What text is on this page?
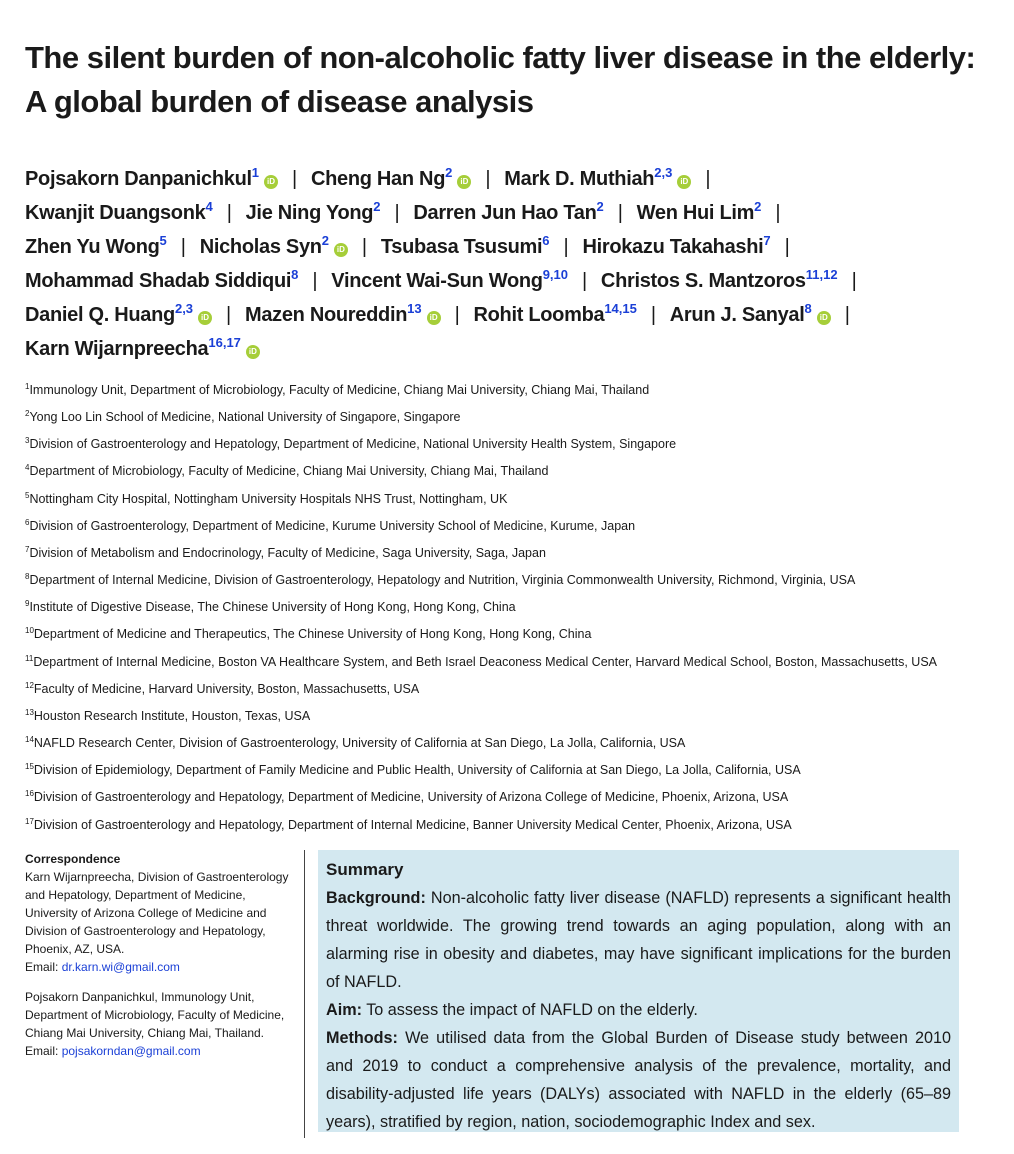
The silent burden of non-alcoholic fatty liver disease in the elderly: A global burden of disease analysis
Pojsakorn Danpanichkul$^1$iD | Cheng Han Ng$^2$iD | Mark D. Muthiah$^{2,3}$iD |
Kwanjit Duangsonk$^4$ | Jie Ning Yong$^2$ | Darren Jun Hao Tan$^2$ | Wen Hui Lim$^2$ |
Zhen Yu Wong$^5$ | Nicholas Syn$^2$iD | Tsubasa Tsusumi$^6$ | Hirokazu Takahashi$^7$ |
Mohammad Shadab Siddiqui$^8$ | Vincent Wai-Sun Wong$^{9,10}$ | Christos S. Mantzoros$^{11,12}$ |
Daniel Q. Huang$^{2,3}$iD | Mazen Noureddin$^{13}$iD | Rohit Loomba$^{14,15}$ | Arun J. Sanyal$^8$iD |
Karn Wijarnpreecha$^{16,17}$iD
$^1$Immunology Unit, Department of Microbiology, Faculty of Medicine, Chiang Mai University, Chiang Mai, Thailand
$^2$Yong Loo Lin School of Medicine, National University of Singapore, Singapore
$^3$Division of Gastroenterology and Hepatology, Department of Medicine, National University Health System, Singapore
$^4$Department of Microbiology, Faculty of Medicine, Chiang Mai University, Chiang Mai, Thailand
$^5$Nottingham City Hospital, Nottingham University Hospitals NHS Trust, Nottingham, UK
$^6$Division of Gastroenterology, Department of Medicine, Kurume University School of Medicine, Kurume, Japan
$^7$Division of Metabolism and Endocrinology, Faculty of Medicine, Saga University, Saga, Japan
$^8$Department of Internal Medicine, Division of Gastroenterology, Hepatology and Nutrition, Virginia Commonwealth University, Richmond, Virginia, USA
$^9$Institute of Digestive Disease, The Chinese University of Hong Kong, Hong Kong, China
$^{10}$Department of Medicine and Therapeutics, The Chinese University of Hong Kong, Hong Kong, China
$^{11}$Department of Internal Medicine, Boston VA Healthcare System, and Beth Israel Deaconess Medical Center, Harvard Medical School, Boston, Massachusetts, USA
$^{12}$Faculty of Medicine, Harvard University, Boston, Massachusetts, USA
$^{13}$Houston Research Institute, Houston, Texas, USA
$^{14}$NAFLD Research Center, Division of Gastroenterology, University of California at San Diego, La Jolla, California, USA
$^{15}$Division of Epidemiology, Department of Family Medicine and Public Health, University of California at San Diego, La Jolla, California, USA
$^{16}$Division of Gastroenterology and Hepatology, Department of Medicine, University of Arizona College of Medicine, Phoenix, Arizona, USA
$^{17}$Division of Gastroenterology and Hepatology, Department of Internal Medicine, Banner University Medical Center, Phoenix, Arizona, USA

Correspondence

Karn Wijarnpreecha, Division of Gastroenterology and Hepatology, Department of Medicine, University of Arizona College of Medicine and Division of Gastroenterology and Hepatology, Phoenix, AZ, USA.

Email: dr.karn.wi@gmail.com

Pojsakorn Danpanichkul, Immunology Unit, Department of Microbiology, Faculty of Medicine, Chiang Mai University, Chiang Mai, Thailand.

Email: pojsakorndan@gmail.com

Summary
Background: Non-alcoholic fatty liver disease (NAFLD) represents a significant health threat worldwide. The growing trend towards an aging population, along with an alarming rise in obesity and diabetes, may have significant implications for the burden of NAFLD.
Aim: To assess the impact of NAFLD on the elderly.
Methods: We utilised data from the Global Burden of Disease study between 2010 and 2019 to conduct a comprehensive analysis of the prevalence, mortality, and disability-adjusted life years (DALYs) associated with NAFLD in the elderly (65–89 years), stratified by region, nation, sociodemographic Index and sex.
